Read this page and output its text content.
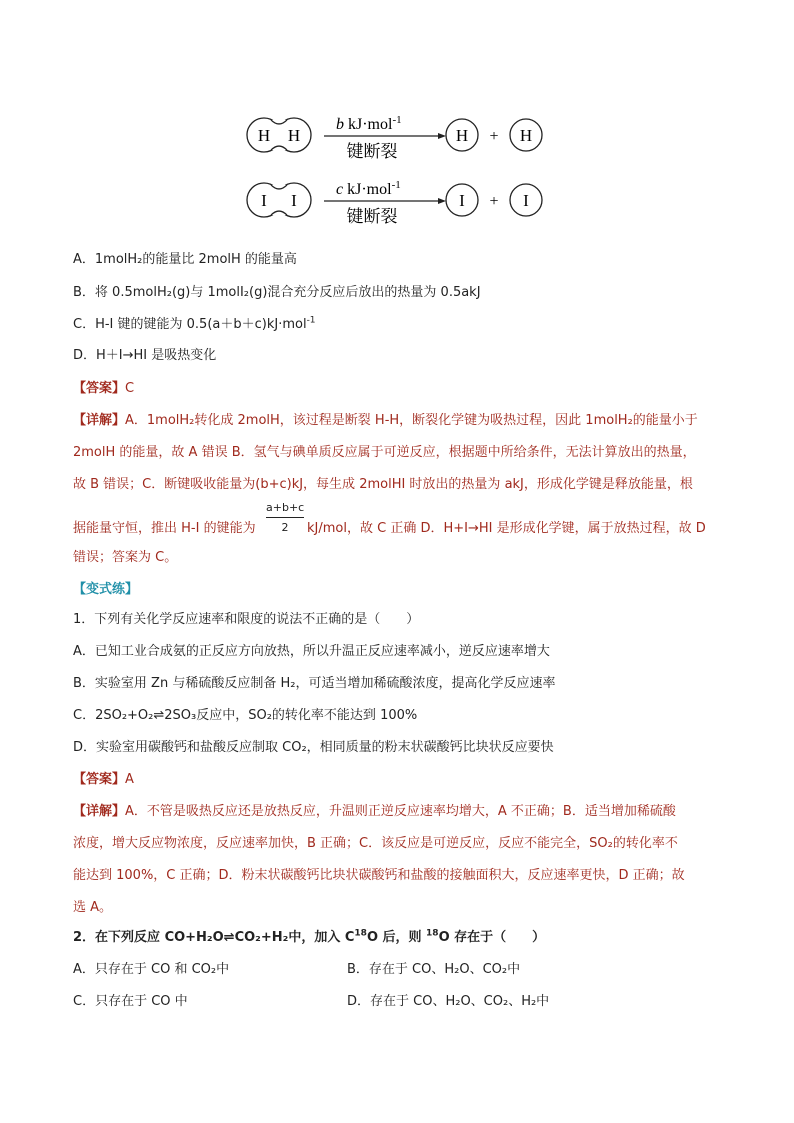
H H
b kJ·mol$^{-1}$
键断裂
H + H
I I
c kJ·mol$^{-1}$
键断裂
I + I
A．1molH₂的能量比 2molH 的能量高
B．将 0.5molH₂(g)与 1molI₂(g)混合充分反应后放出的热量为 0.5akJ
C．H-I 键的键能为 0.5(a＋b＋c)kJ·mol$^{-1}$
D．H＋I→HI 是吸热变化
【答案】C
【详解】A．1molH₂转化成 2molH，该过程是断裂 H-H，断裂化学键为吸热过程，因此 1molH₂的能量小于
2molH 的能量，故 A 错误 B．氢气与碘单质反应属于可逆反应，根据题中所给条件，无法计算放出的热量，
故 B 错误；C．断键吸收能量为(b+c)kJ，每生成 2molHI 时放出的热量为 akJ，形成化学键是释放能量，根
据能量守恒，推出 H-I 的键能为
a+b+c
2	kJ/mol，故 C 正确 D．H+I→HI 是形成化学键，属于放热过程，故 D
错误；答案为 C。
【变式练】
1．下列有关化学反应速率和限度的说法不正确的是（　　）
A．已知工业合成氨的正反应方向放热，所以升温正反应速率减小，逆反应速率增大
B．实验室用 Zn 与稀硫酸反应制备 H₂，可适当增加稀硫酸浓度，提高化学反应速率
C．2SO₂+O₂⇌2SO₃反应中，SO₂的转化率不能达到 100%
D．实验室用碳酸钙和盐酸反应制取 CO₂，相同质量的粉末状碳酸钙比块状反应要快
【答案】A
【详解】A．不管是吸热反应还是放热反应，升温则正逆反应速率均增大，A 不正确；B．适当增加稀硫酸
浓度，增大反应物浓度，反应速率加快，B 正确；C．该反应是可逆反应，反应不能完全，SO₂的转化率不
能达到 100%，C 正确；D．粉末状碳酸钙比块状碳酸钙和盐酸的接触面积大，反应速率更快，D 正确；故
选 A。
2．在下列反应 CO+H₂O⇌CO₂+H₂中，加入 $C^{18}O$ 后，则 $^{18}$O 存在于（　　）
A．只存在于 CO 和 CO₂中	B．存在于 CO、H₂O、CO₂中
C．只存在于 CO 中	D．存在于 CO、H₂O、CO₂、H₂中
